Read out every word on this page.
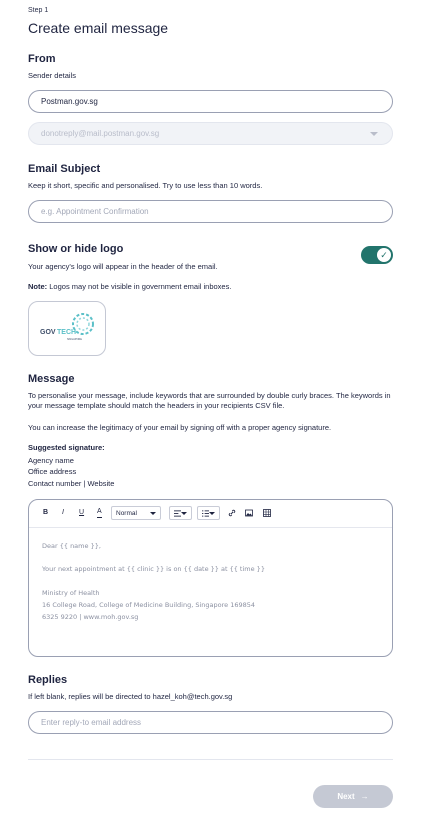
Step 1
Create email message
From
Sender details
Postman.gov.sg
donotreply@mail.postman.gov.sg
Email Subject
Keep it short, specific and personalised. Try to use less than 10 words.
e.g. Appointment Confirmation
Show or hide logo
Your agency's logo will appear in the header of the email.
✓
Note: Logos may not be visible in government email inboxes.
GOV TECH
SINGAPORE
Message
To personalise your message, include keywords that are surrounded by double curly braces. The keywords in your message template should match the headers in your recipients CSV file.
You can increase the legitimacy of your email by signing off with a proper agency signature.
Suggested signature:
Agency name
Office address
Contact number | Website
B I U A Normal
Dear {{ name }},
Your next appointment at {{ clinic }} is on {{ date }} at {{ time }}
Ministry of Health
16 College Road, College of Medicine Building, Singapore 169854
6325 9220 | www.moh.gov.sg
Replies
If left blank, replies will be directed to hazel_koh@tech.gov.sg
Enter reply-to email address
Next →
